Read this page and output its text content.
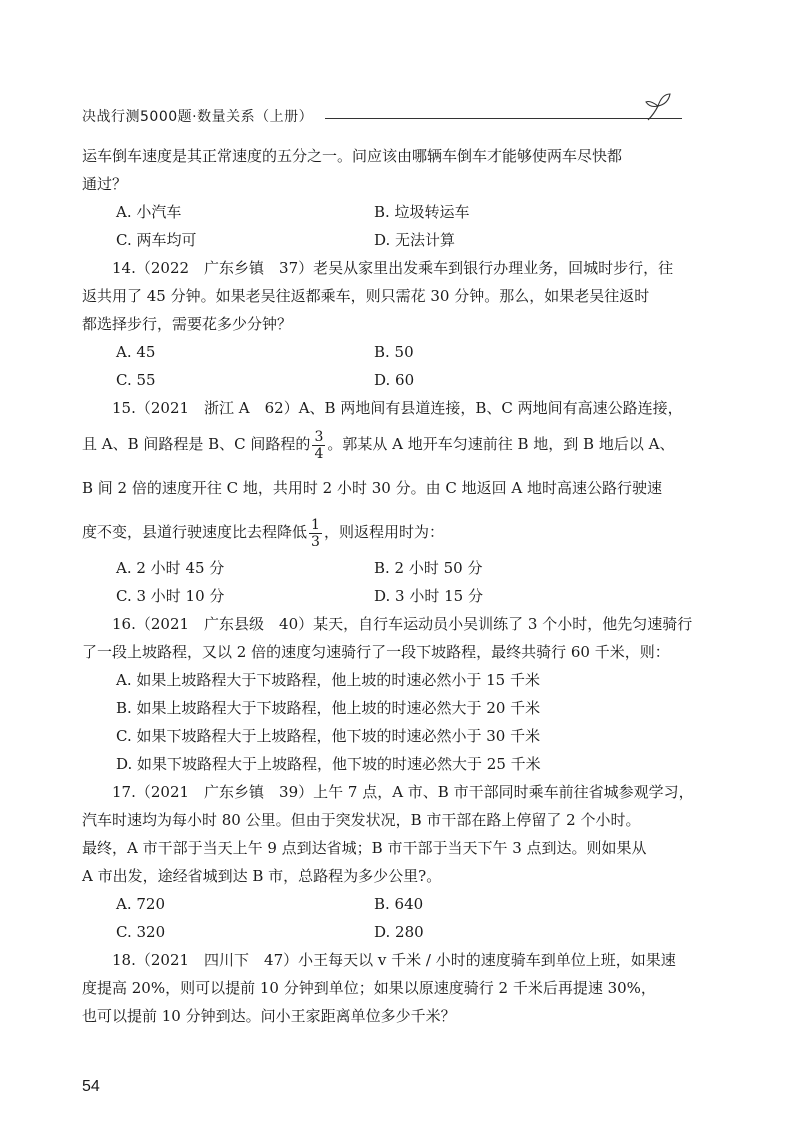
决战行测5000题·数量关系（上册）

运车倒车速度是其正常速度的五分之一。问应该由哪辆车倒车才能够使两车尽快都

通过？

A. 小汽车	B. 垃圾转运车
C. 两车均可	D. 无法计算

14.（2022　广东乡镇　37）老吴从家里出发乘车到银行办理业务，回城时步行，往

返共用了 45 分钟。如果老吴往返都乘车，则只需花 30 分钟。那么，如果老吴往返时

都选择步行，需要花多少分钟？

A. 45	B. 50
C. 55	D. 60

15.（2021　浙江 A　62）A、B 两地间有县道连接，B、C 两地间有高速公路连接，

且 A、B 间路程是 B、C 间路程的 $\frac{3}{4}$ 。郭某从 A 地开车匀速前往 B 地，到 B 地后以 A、

B 间 2 倍的速度开往 C 地，共用时 2 小时 30 分。由 C 地返回 A 地时高速公路行驶速

度不变，县道行驶速度比去程降低 $\frac{1}{3}$ ，则返程用时为：

A. 2 小时 45 分	B. 2 小时 50 分
C. 3 小时 10 分	D. 3 小时 15 分

16.（2021　广东县级　40）某天，自行车运动员小吴训练了 3 个小时，他先匀速骑行

了一段上坡路程，又以 2 倍的速度匀速骑行了一段下坡路程，最终共骑行 60 千米，则：

A. 如果上坡路程大于下坡路程，他上坡的时速必然小于 15 千米

B. 如果上坡路程大于下坡路程，他上坡的时速必然大于 20 千米

C. 如果下坡路程大于上坡路程，他下坡的时速必然小于 30 千米

D. 如果下坡路程大于上坡路程，他下坡的时速必然大于 25 千米

17.（2021　广东乡镇　39）上午 7 点，A 市、B 市干部同时乘车前往省城参观学习，

汽车时速均为每小时 80 公里。但由于突发状况，B 市干部在路上停留了 2 个小时。

最终，A 市干部于当天上午 9 点到达省城；B 市干部于当天下午 3 点到达。则如果从

A 市出发，途经省城到达 B 市，总路程为多少公里?。

A. 720	B. 640
C. 320	D. 280

18.（2021　四川下　47）小王每天以 v 千米 / 小时的速度骑车到单位上班，如果速

度提高 20%，则可以提前 10 分钟到单位；如果以原速度骑行 2 千米后再提速 30%，

也可以提前 10 分钟到达。问小王家距离单位多少千米？

54
